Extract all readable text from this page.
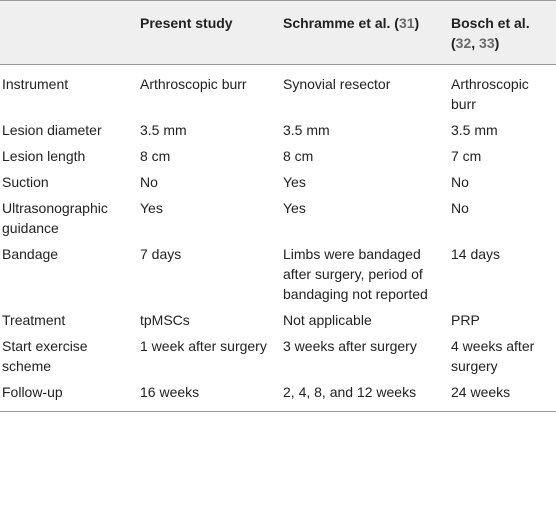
	Present study	Schramme et al. (31)	Bosch et al. (32, 33)
Instrument	Arthroscopic burr	Synovial resector	Arthroscopic burr
Lesion diameter	3.5 mm	3.5 mm	3.5 mm
Lesion length	8 cm	8 cm	7 cm
Suction	No	Yes	No
Ultrasonographic guidance	Yes	Yes	No
Bandage	7 days	Limbs were bandaged after surgery, period of bandaging not reported	14 days
Treatment	tpMSCs	Not applicable	PRP
Start exercise scheme	1 week after surgery	3 weeks after surgery	4 weeks after surgery
Follow-up	16 weeks	2, 4, 8, and 12 weeks	24 weeks
